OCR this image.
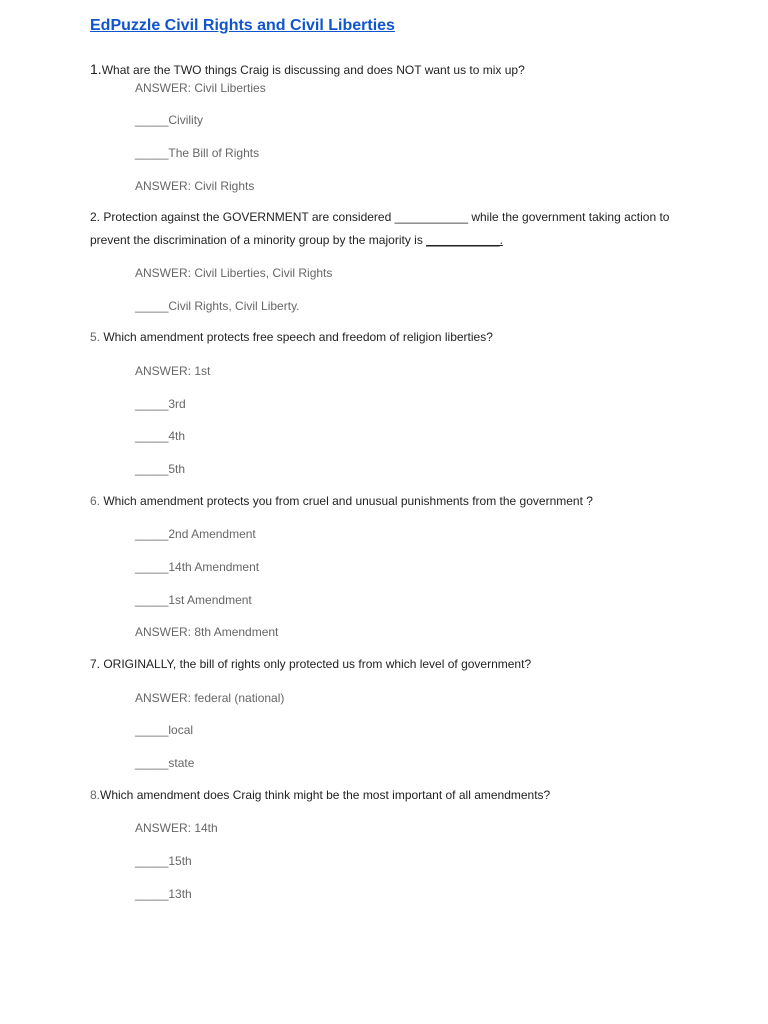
EdPuzzle Civil Rights and Civil Liberties
1.What are the TWO things Craig is discussing and does NOT want us to mix up?
ANSWER: Civil Liberties
_____Civility
_____The Bill of Rights
ANSWER: Civil Rights
2. Protection against the GOVERNMENT are considered ___________ while the government taking action to prevent the discrimination of a minority group by the majority is ___________.
ANSWER: Civil Liberties, Civil Rights
_____Civil Rights, Civil Liberty.
5. Which amendment protects free speech and freedom of religion liberties?
ANSWER: 1st
_____3rd
_____4th
_____5th
6. Which amendment protects you from cruel and unusual punishments from the government ?
_____2nd Amendment
_____14th Amendment
_____1st Amendment
ANSWER: 8th Amendment
7. ORIGINALLY, the bill of rights only protected us from which level of government?
ANSWER: federal (national)
_____local
_____state
8.Which amendment does Craig think might be the most important of all amendments?
ANSWER: 14th
_____15th
_____13th
